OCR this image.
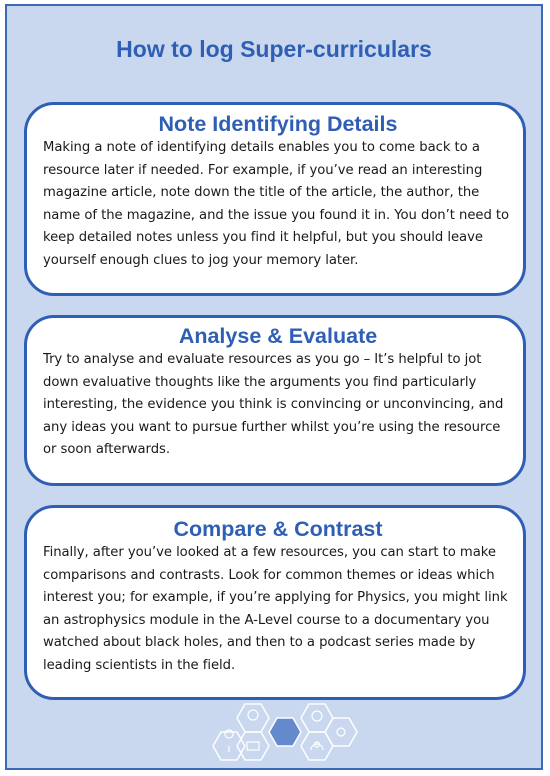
How to log Super-curriculars
Note Identifying Details

Making a note of identifying details enables you to come back to a resource later if needed. For example, if you’ve read an interesting magazine article, note down the title of the article, the author, the name of the magazine, and the issue you found it in. You don’t need to keep detailed notes unless you find it helpful, but you should leave yourself enough clues to jog your memory later.

Analyse & Evaluate

Try to analyse and evaluate resources as you go – It’s helpful to jot down evaluative thoughts like the arguments you find particularly interesting, the evidence you think is convincing or unconvincing, and any ideas you want to pursue further whilst you’re using the resource or soon afterwards.

Compare & Contrast

Finally, after you’ve looked at a few resources, you can start to make comparisons and contrasts. Look for common themes or ideas which interest you; for example, if you’re applying for Physics, you might link an astrophysics module in the A-Level course to a documentary you watched about black holes, and then to a podcast series made by leading scientists in the field.
